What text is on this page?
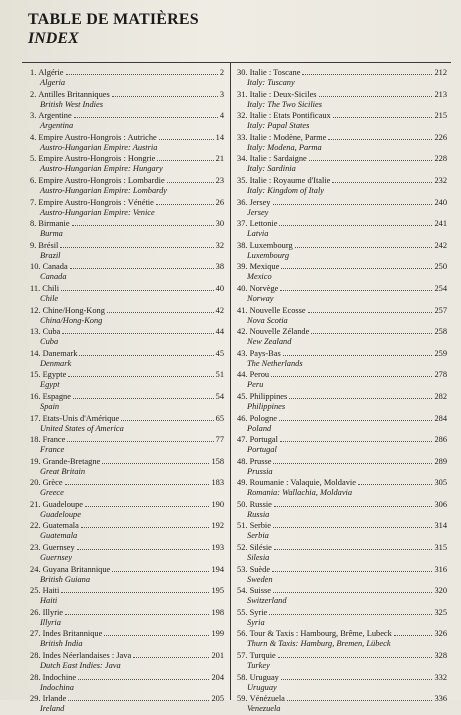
TABLE DE MATIÈRES
INDEX
1.
Algérie	2
Algeria
2.
Antilles Britanniques	3
British West Indies
3.
Argentine	4
Argentina
4.
Empire Austro-Hongrois : Autriche	14
Austro-Hungarian Empire: Austria
5.
Empire Austro-Hongrois : Hongrie	21
Austro-Hungarian Empire: Hungary
6.
Empire Austro-Hongrois : Lombardie	23
Austro-Hungarian Empire: Lombardy
7.
Empire Austro-Hongrois : Vénétie	26
Austro-Hungarian Empire: Venice
8.
Birmanie	30
Burma
9.
Brésil	32
Brazil
10.
Canada	38
Canada
11.
Chili	40
Chile
12.
Chine/Hong-Kong	42
China/Hong-Kong
13.
Cuba	44
Cuba
14.
Danemark	45
Denmark
15.
Egypte	51
Egypt
16.
Espagne	54
Spain
17.
Etats-Unis d'Amérique	65
United States of America
18.
France	77
France
19.
Grande-Bretagne	158
Great Britain
20.
Grèce	183
Greece
21.
Guadeloupe	190
Guadeloupe
22.
Guatemala	192
Guatemala
23.
Guernsey	193
Guernsey
24.
Guyana Britannique	194
British Guiana
25.
Haiti	195
Haiti
26.
Illyrie	198
Illyria
27.
Indes Britannique	199
British India
28.
Indes Néerlandaises : Java	201
Dutch East Indies: Java
28.
Indochine	204
Indochina
29.
Irlande	205
Ireland
30.
Italie : Toscane	212
Italy: Tuscany
31.
Italie : Deux-Siciles	213
Italy: The Two Sicilies
32.
Italie : Etats Pontificaux	215
Italy: Papal States
33.
Italie : Modène, Parme	226
Italy: Modena, Parma
34.
Italie : Sardaigne	228
Italy: Sardinia
35.
Italie : Royaume d'Italie	232
Italy: Kingdom of Italy
36.
Jersey	240
Jersey
37.
Lettonie	241
Latvia
38.
Luxembourg	242
Luxembourg
39.
Mexique	250
Mexico
40.
Norvège	254
Norway
41.
Nouvelle Ecosse	257
Nova Scotia
42.
Nouvelle Zélande	258
New Zealand
43.
Pays-Bas	259
The Netherlands
44.
Perou	278
Peru
45.
Philippines	282
Philippines
46.
Pologne	284
Poland
47.
Portugal	286
Portugal
48.
Prusse	289
Prussia
49.
Roumanie : Valaquie, Moldavie	305
Romania: Wallachia, Moldavia
50.
Russie	306
Russia
51.
Serbie	314
Serbia
52.
Silésie	315
Silesia
53.
Suède	316
Sweden
54.
Suisse	320
Switzerland
55.
Syrie	325
Syria
56.
Tour & Taxis : Hambourg, Brême, Lubeck	326
Thurn & Taxis: Hamburg, Bremen, Lübeck
57.
Turquie	328
Turkey
58.
Uruguay	332
Uruguay
59.
Vénézuela	336
Venezuela
